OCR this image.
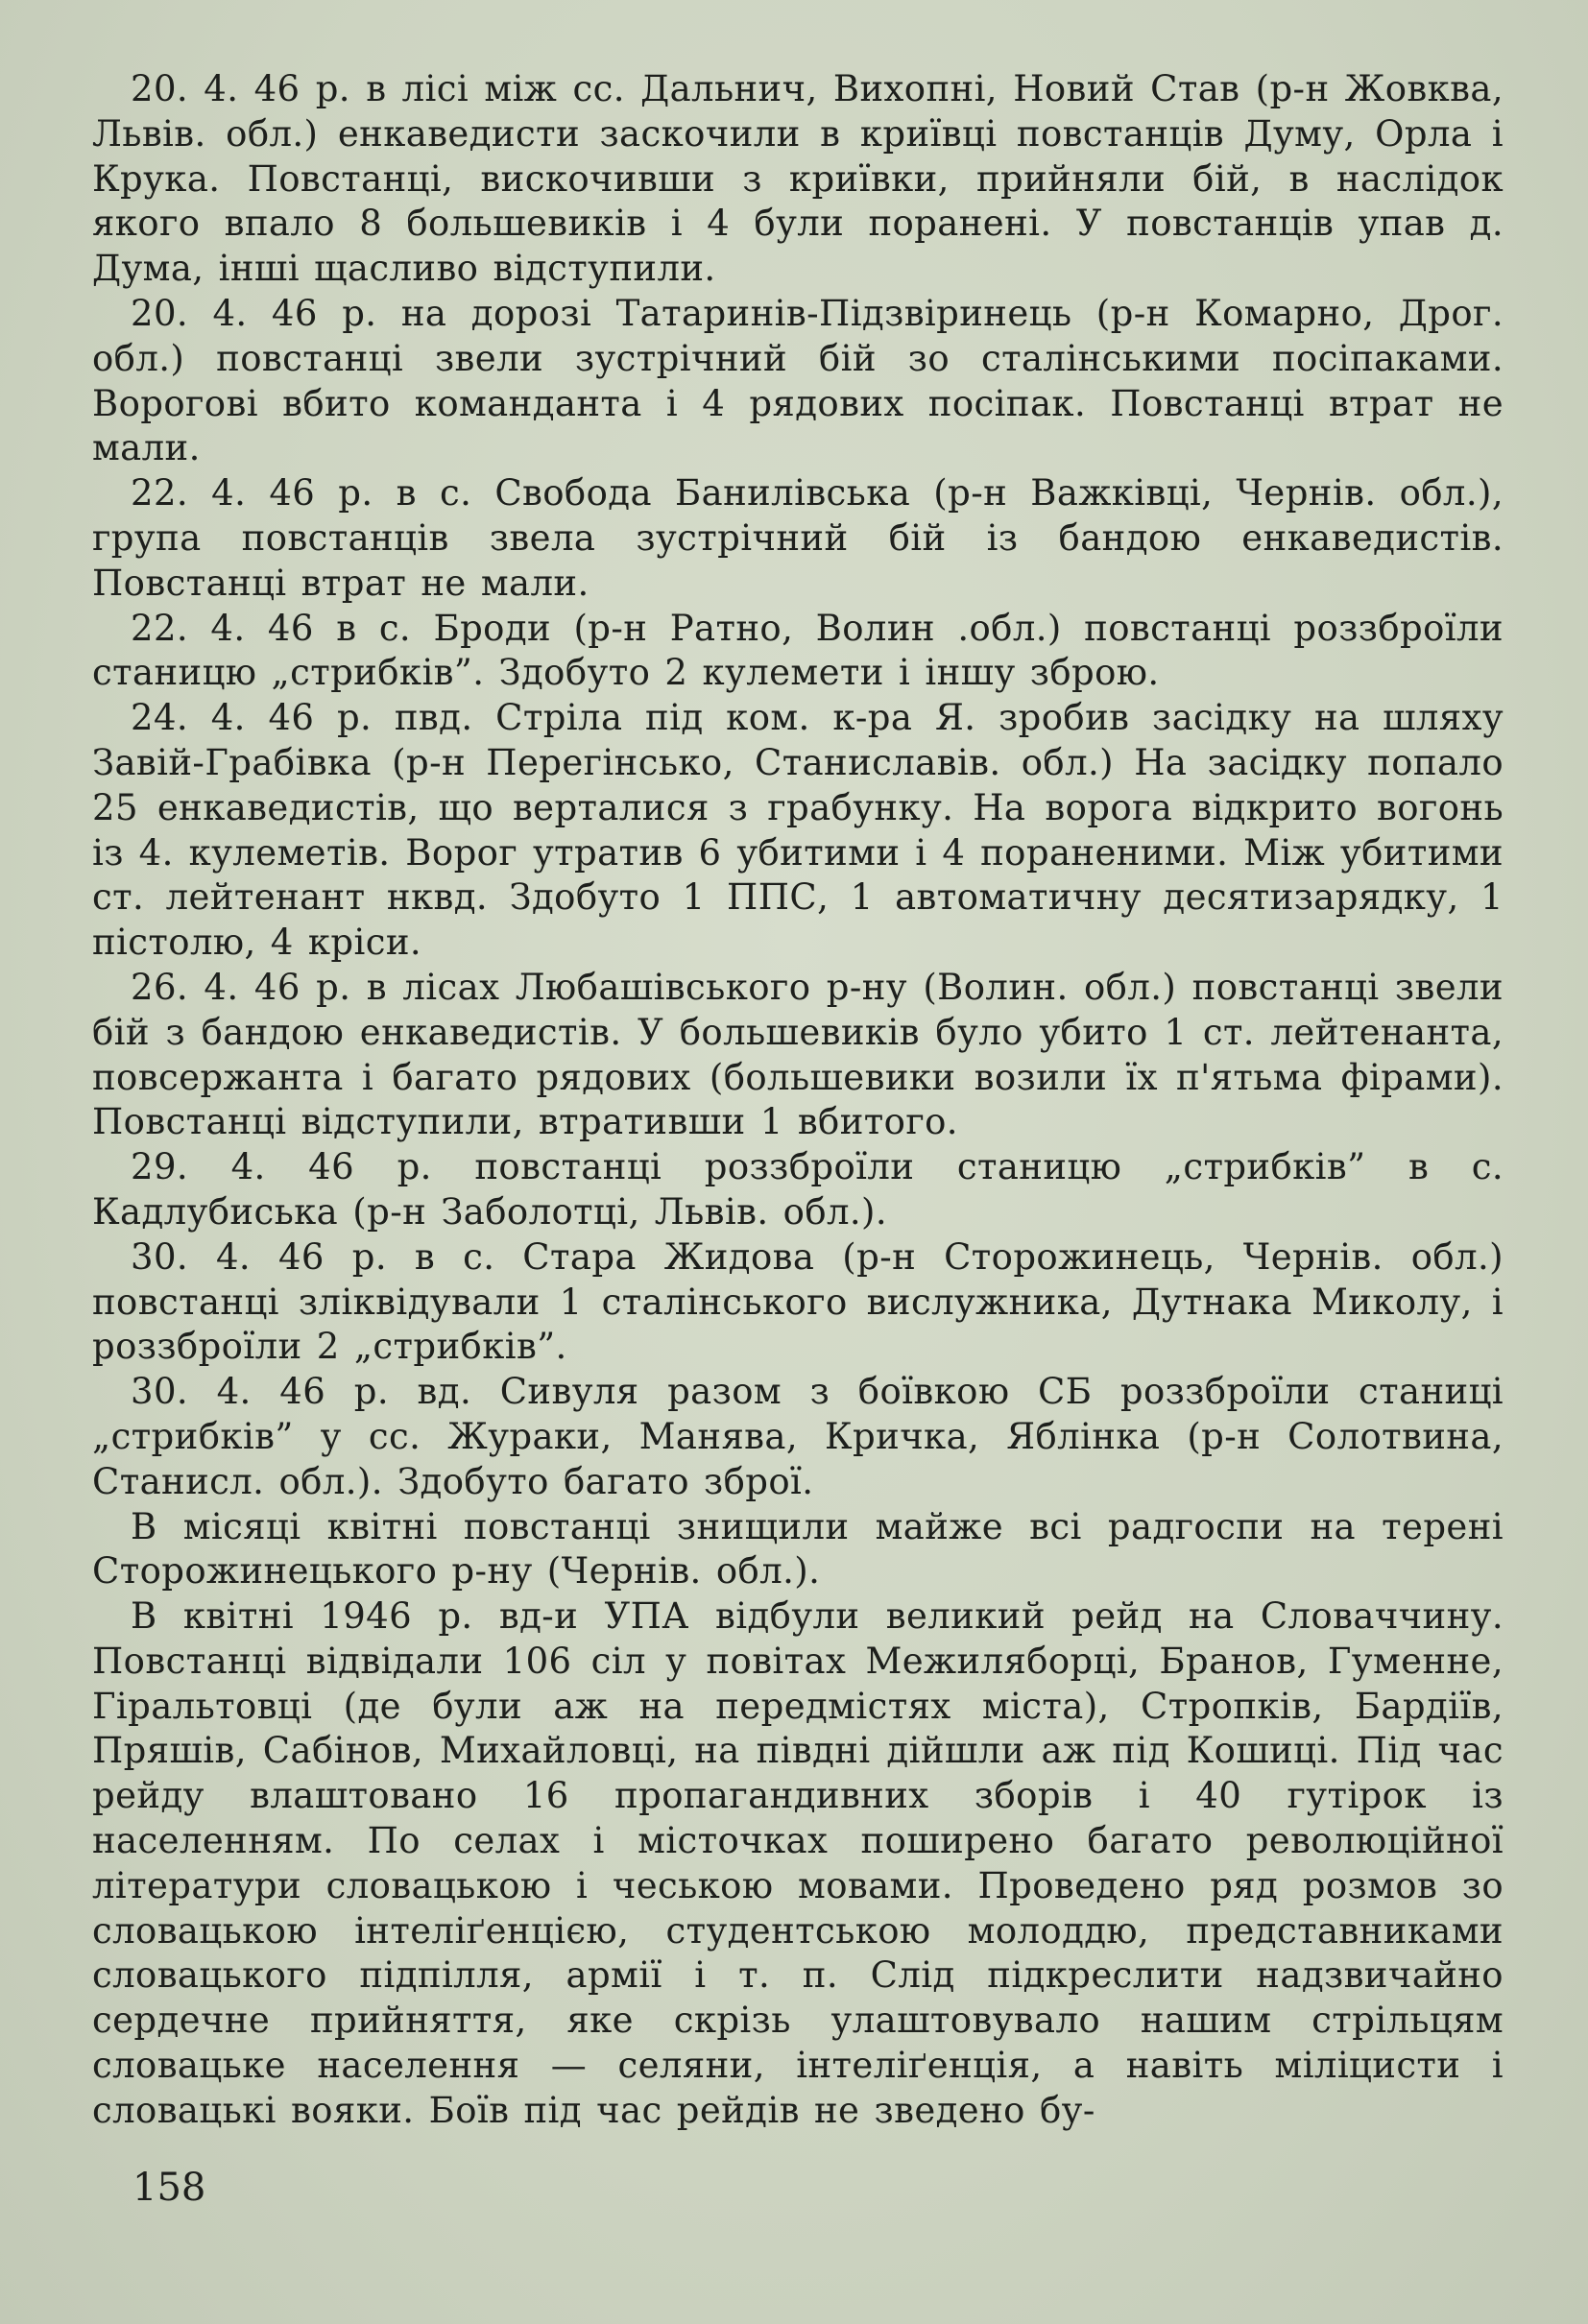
20. 4. 46 р. в лісі між сс. Дальнич, Вихопні, Новий Став (р-н Жовква, Львів. обл.) енкаведисти заскочили в криївці повстанців Думу, Орла і Крука. Повстанці, вискочивши з криївки, прийняли бій, в наслідок якого впало 8 большевиків і 4 були поранені. У повстанців упав д. Дума, інші щасливо відступили.

20. 4. 46 р. на дорозі Татаринів-Підзвіринець (р-н Комарно, Дрог. обл.) повстанці звели зустрічний бій зо сталінськими посіпаками. Ворогові вбито команданта і 4 рядових посіпак. Повстанці втрат не мали.

22. 4. 46 р. в с. Свобода Банилівська (р-н Важківці, Чернів. обл.), група повстанців звела зустрічний бій із бандою енкаведистів. Повстанці втрат не мали.

22. 4. 46 в с. Броди (р-н Ратно, Волин .обл.) повстанці роззброїли станицю „стрибків”. Здобуто 2 кулемети і іншу зброю.

24. 4. 46 р. пвд. Стріла під ком. к-ра Я. зробив засідку на шляху Завій-Грабівка (р-н Перегінсько, Станиславів. обл.) На засідку попало 25 енкаведистів, що верталися з грабунку. На ворога відкрито вогонь із 4. кулеметів. Ворог утратив 6 убитими і 4 пораненими. Між убитими ст. лейтенант нквд. Здобуто 1 ППС, 1 автоматичну десятизарядку, 1 пістолю, 4 кріси.

26. 4. 46 р. в лісах Любашівського р-ну (Волин. обл.) повстанці звели бій з бандою енкаведистів. У большевиків було убито 1 ст. лейтенанта, повсержанта і багато рядових (большевики возили їх п'ятьма фірами). Повстанці відступили, втративши 1 вбитого.

29. 4. 46 р. повстанці роззброїли станицю „стрибків” в с. Кадлубиська (р-н Заболотці, Львів. обл.).

30. 4. 46 р. в с. Стара Жидова (р-н Сторожинець, Чернів. обл.) повстанці зліквідували 1 сталінського вислужника, Дутнака Миколу, і роззброїли 2 „стрибків”.

30. 4. 46 р. вд. Сивуля разом з боївкою СБ роззброїли станиці „стрибків” у сс. Жураки, Манява, Кричка, Яблінка (р-н Солотвина, Станисл. обл.). Здобуто багато зброї.

В місяці квітні повстанці знищили майже всі радгоспи на терені Сторожинецького р-ну (Чернів. обл.).

В квітні 1946 р. вд-и УПА відбули великий рейд на Словаччину. Повстанці відвідали 106 сіл у повітах Межиляборці, Бранов, Гуменне, Гіральтовці (де були аж на передмістях міста), Стропків, Бардіїв, Пряшів, Сабінов, Михайловці, на півдні дійшли аж під Кошиці. Під час рейду влаштовано 16 пропагандивних зборів і 40 гутірок із населенням. По селах і місточках поширено багато революційної літератури словацькою і чеською мовами. Проведено ряд розмов зо словацькою інтеліґенцією, студентською молоддю, представниками словацького підпілля, армії і т. п. Слід підкреслити надзвичайно сердечне прийняття, яке скрізь улаштовувало нашим стрільцям словацьке населення — селяни, інтеліґенція, а навіть міліцисти і словацькі вояки. Боїв під час рейдів не зведено бу-

158
